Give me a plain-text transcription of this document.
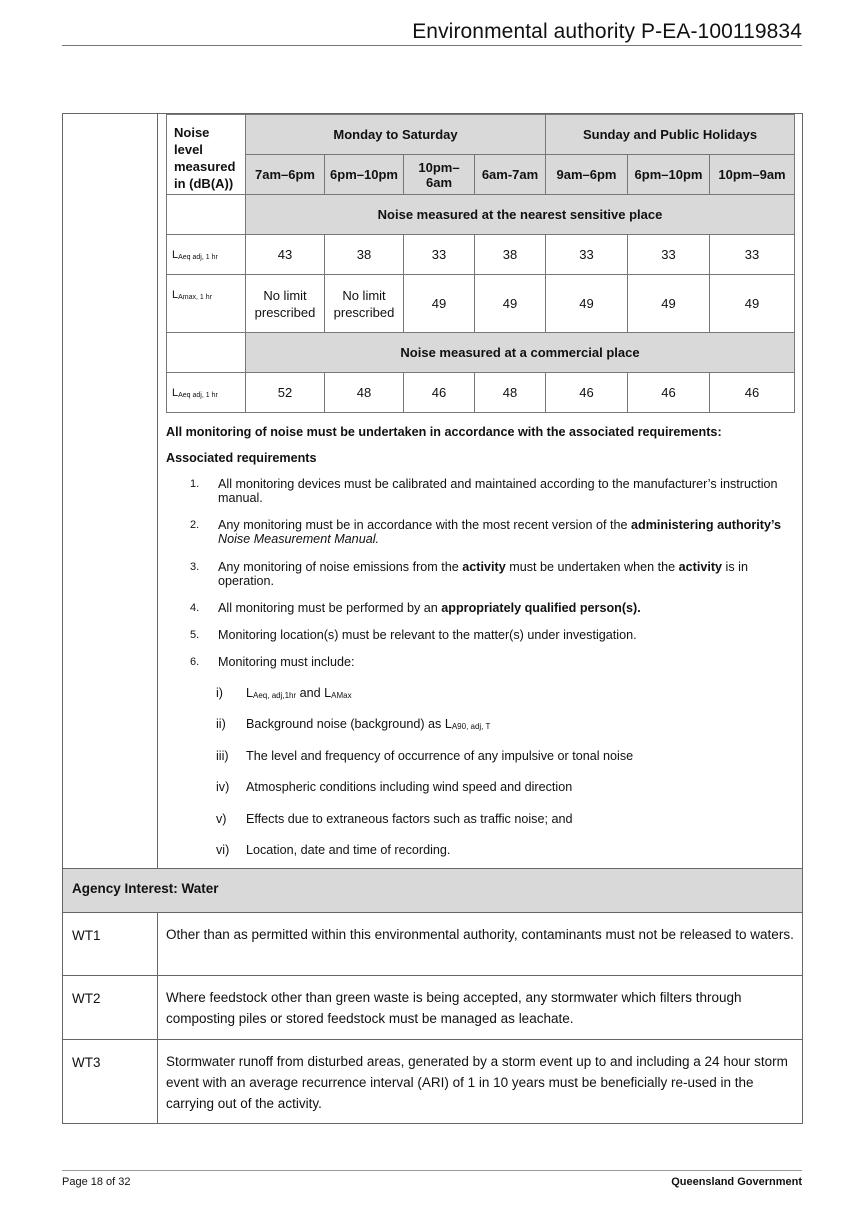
Environmental authority P-EA-100119834
Noise level measured in (dB(A))	Monday to Saturday				Sunday and Public Holidays		
	7am–6pm	6pm–10pm	10pm–6am	6am-7am	9am–6pm	6pm–10pm	10pm–9am
	Noise measured at the nearest sensitive place						
$L_{Aeq adj, 1 hr}$	43	38	33	38	33	33	33
$L_{Amax, 1 hr}$	No limit prescribed	No limit prescribed	49	49	49	49	49
	Noise measured at a commercial place						
$L_{Aeq adj, 1 hr}$	52	48	46	48	46	46	46
All monitoring of noise must be undertaken in accordance with the associated requirements:
Associated requirements
1.	All monitoring devices must be calibrated and maintained according to the manufacturer’s instruction manual.
2.	Any monitoring must be in accordance with the most recent version of the administering authority’s Noise Measurement Manual.
3.	Any monitoring of noise emissions from the activity must be undertaken when the activity is in operation.
4.	All monitoring must be performed by an appropriately qualified person(s).
5.	Monitoring location(s) must be relevant to the matter(s) under investigation.
6.	Monitoring must include:
i)	$L_{Aeq, adj,1hr}$ and $L_{AMax}$
ii)	Background noise (background) as $L_{A90, adj, T}$
iii)	The level and frequency of occurrence of any impulsive or tonal noise
iv)	Atmospheric conditions including wind speed and direction
v)	Effects due to extraneous factors such as traffic noise; and
vi)	Location, date and time of recording.
Agency Interest: Water
WT1	Other than as permitted within this environmental authority, contaminants must not be released to waters.
WT2	Where feedstock other than green waste is being accepted, any stormwater which filters through composting piles or stored feedstock must be managed as leachate.
WT3	Stormwater runoff from disturbed areas, generated by a storm event up to and including a 24 hour storm event with an average recurrence interval (ARI) of 1 in 10 years must be beneficially re-used in the carrying out of the activity.
Page 18 of 32	Queensland Government
